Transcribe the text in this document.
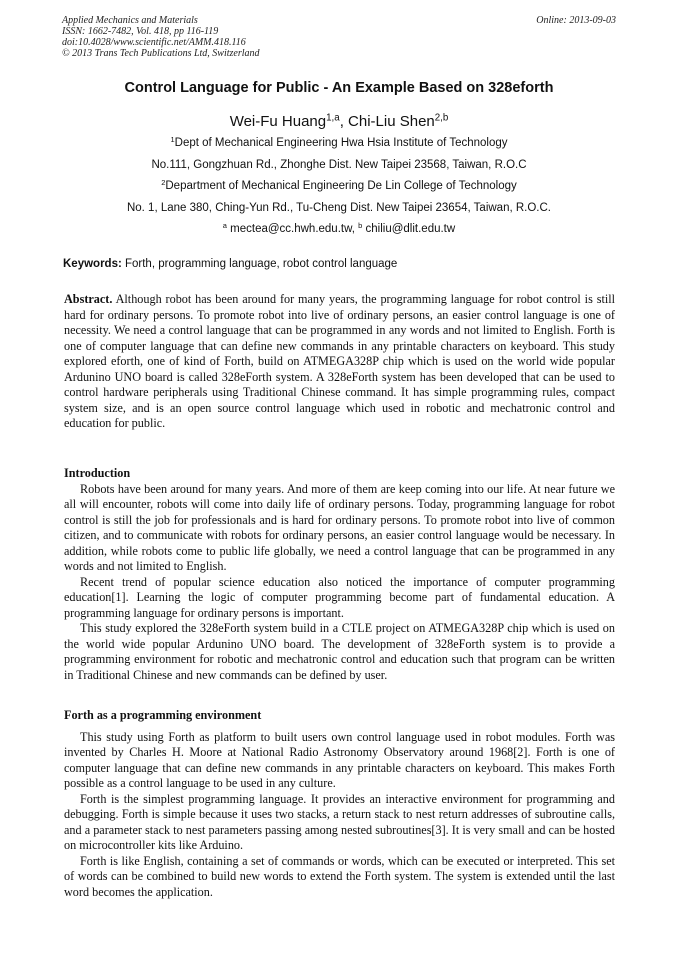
Applied Mechanics and Materials
ISSN: 1662-7482, Vol. 418, pp 116-119
doi:10.4028/www.scientific.net/AMM.418.116
© 2013 Trans Tech Publications Ltd, Switzerland
Online: 2013-09-03
Control Language for Public - An Example Based on 328eforth
Wei-Fu Huang$^{1,a}$, Chi-Liu Shen$^{2,b}$
$^1$Dept of Mechanical Engineering Hwa Hsia Institute of Technology
No.111, Gongzhuan Rd., Zhonghe Dist. New Taipei 23568, Taiwan, R.O.C
$^2$Department of Mechanical Engineering De Lin College of Technology
No. 1, Lane 380, Ching-Yun Rd., Tu-Cheng Dist. New Taipei 23654, Taiwan, R.O.C.
$^a$ mectea@cc.hwh.edu.tw, $^b$ chiliu@dlit.edu.tw
Keywords: Forth, programming language, robot control language

Abstract. Although robot has been around for many years, the programming language for robot control is still hard for ordinary persons. To promote robot into live of ordinary persons, an easier control language is one of necessity. We need a control language that can be programmed in any words and not limited to English. Forth is one of computer language that can define new commands in any printable characters on keyboard. This study explored eforth, one of kind of Forth, build on ATMEGA328P chip which is used on the world wide popular Ardunino UNO board is called 328eForth system. A 328eForth system has been developed that can be used to control hardware peripherals using Traditional Chinese command. It has simple programming rules, compact system size, and is an open source control language which used in robotic and mechatronic control and education for public.

Introduction

Robots have been around for many years. And more of them are keep coming into our life. At near future we all will encounter, robots will come into daily life of ordinary persons. Today, programming language for robot control is still the job for professionals and is hard for ordinary persons. To promote robot into live of common citizen, and to communicate with robots for ordinary persons, an easier control language would be necessary. In addition, while robots come to public life globally, we need a control language that can be programmed in any words and not limited to English.

Recent trend of popular science education also noticed the importance of computer programming education[1]. Learning the logic of computer programming become part of fundamental education. A programming language for ordinary persons is important.

This study explored the 328eForth system build in a CTLE project on ATMEGA328P chip which is used on the world wide popular Ardunino UNO board. The development of 328eForth system is to provide a programming environment for robotic and mechatronic control and education such that program can be written in Traditional Chinese and new commands can be defined by user.

Forth as a programming environment

This study using Forth as platform to built users own control language used in robot modules. Forth was invented by Charles H. Moore at National Radio Astronomy Observatory around 1968[2]. Forth is one of computer language that can define new commands in any printable characters on keyboard. This makes Forth possible as a control language to be used in any culture.

Forth is the simplest programming language. It provides an interactive environment for programming and debugging. Forth is simple because it uses two stacks, a return stack to nest return addresses of subroutine calls, and a parameter stack to nest parameters passing among nested subroutines[3]. It is very small and can be hosted on microcontroller kits like Arduino.

Forth is like English, containing a set of commands or words, which can be executed or interpreted. This set of words can be combined to build new words to extend the Forth system. The system is extended until the last word becomes the application.
